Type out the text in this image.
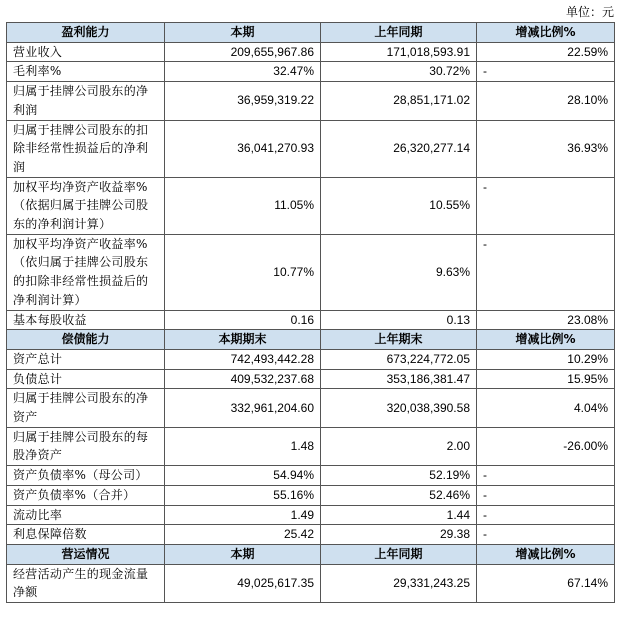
单位：元
盈利能力	本期	上年同期	增减比例%
营业收入	209,655,967.86	171,018,593.91	22.59%
毛利率%	32.47%	30.72%	-
归属于挂牌公司股东的净利润	36,959,319.22	28,851,171.02	28.10%
归属于挂牌公司股东的扣除非经常性损益后的净利润	36,041,270.93	26,320,277.14	36.93%
加权平均净资产收益率%（依据归属于挂牌公司股东的净利润计算）	11.05%	10.55%	-
加权平均净资产收益率%（依归属于挂牌公司股东的扣除非经常性损益后的净利润计算）	10.77%	9.63%	-
基本每股收益	0.16	0.13	23.08%
偿债能力	本期期末	上年期末	增减比例%
资产总计	742,493,442.28	673,224,772.05	10.29%
负债总计	409,532,237.68	353,186,381.47	15.95%
归属于挂牌公司股东的净资产	332,961,204.60	320,038,390.58	4.04%
归属于挂牌公司股东的每股净资产	1.48	2.00	-26.00%
资产负债率%（母公司）	54.94%	52.19%	-
资产负债率%（合并）	55.16%	52.46%	-
流动比率	1.49	1.44	-
利息保障倍数	25.42	29.38	-
营运情况	本期	上年同期	增减比例%
经营活动产生的现金流量净额	49,025,617.35	29,331,243.25	67.14%
